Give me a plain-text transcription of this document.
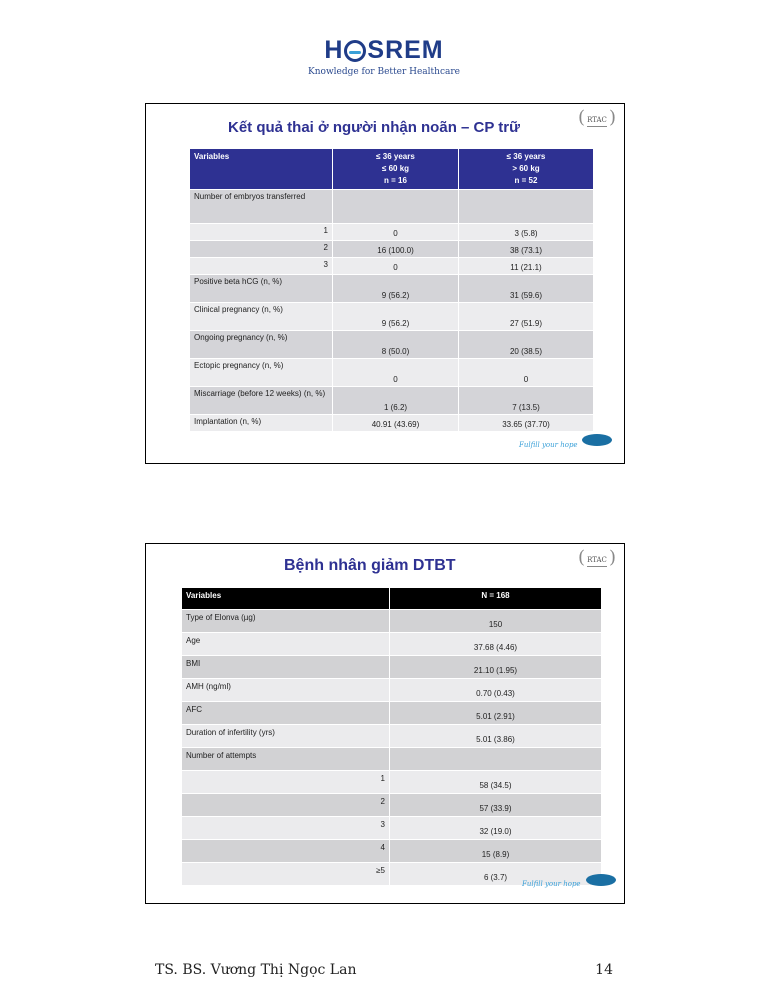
H SREM
Knowledge for Better Healthcare
Kết quả thai ở người nhận noãn – CP trữ	( RTAC
)
Variables	≤ 36 years
≤ 60 kg
n = 16	≤ 36 years
> 60 kg
n = 52
Number of embryos transferred		
1	0	3 (5.8)
2	16 (100.0)	38 (73.1)
3	0	11 (21.1)
Positive beta hCG (n, %)	9 (56.2)	31 (59.6)
Clinical pregnancy (n, %)	9 (56.2)	27 (51.9)
Ongoing pregnancy (n, %)	8 (50.0)	20 (38.5)
Ectopic pregnancy (n, %)	0	0
Miscarriage (before 12 weeks) (n, %)	1 (6.2)	7 (13.5)
Implantation (n, %)	40.91 (43.69)	33.65 (37.70)
Fulfill your hope
Bệnh nhân giảm DTBT	( RTAC
)
Variables	N = 168
Type of Elonva (µg)	150
Age	37.68 (4.46)
BMI	21.10 (1.95)
AMH (ng/ml)	0.70 (0.43)
AFC	5.01 (2.91)
Duration of infertility (yrs)	5.01 (3.86)
Number of attempts	
1	58 (34.5)
2	57 (33.9)
3	32 (19.0)
4	15 (8.9)
≥5	6 (3.7)
Fulfill your hope
TS. BS. Vương Thị Ngọc Lan	14
